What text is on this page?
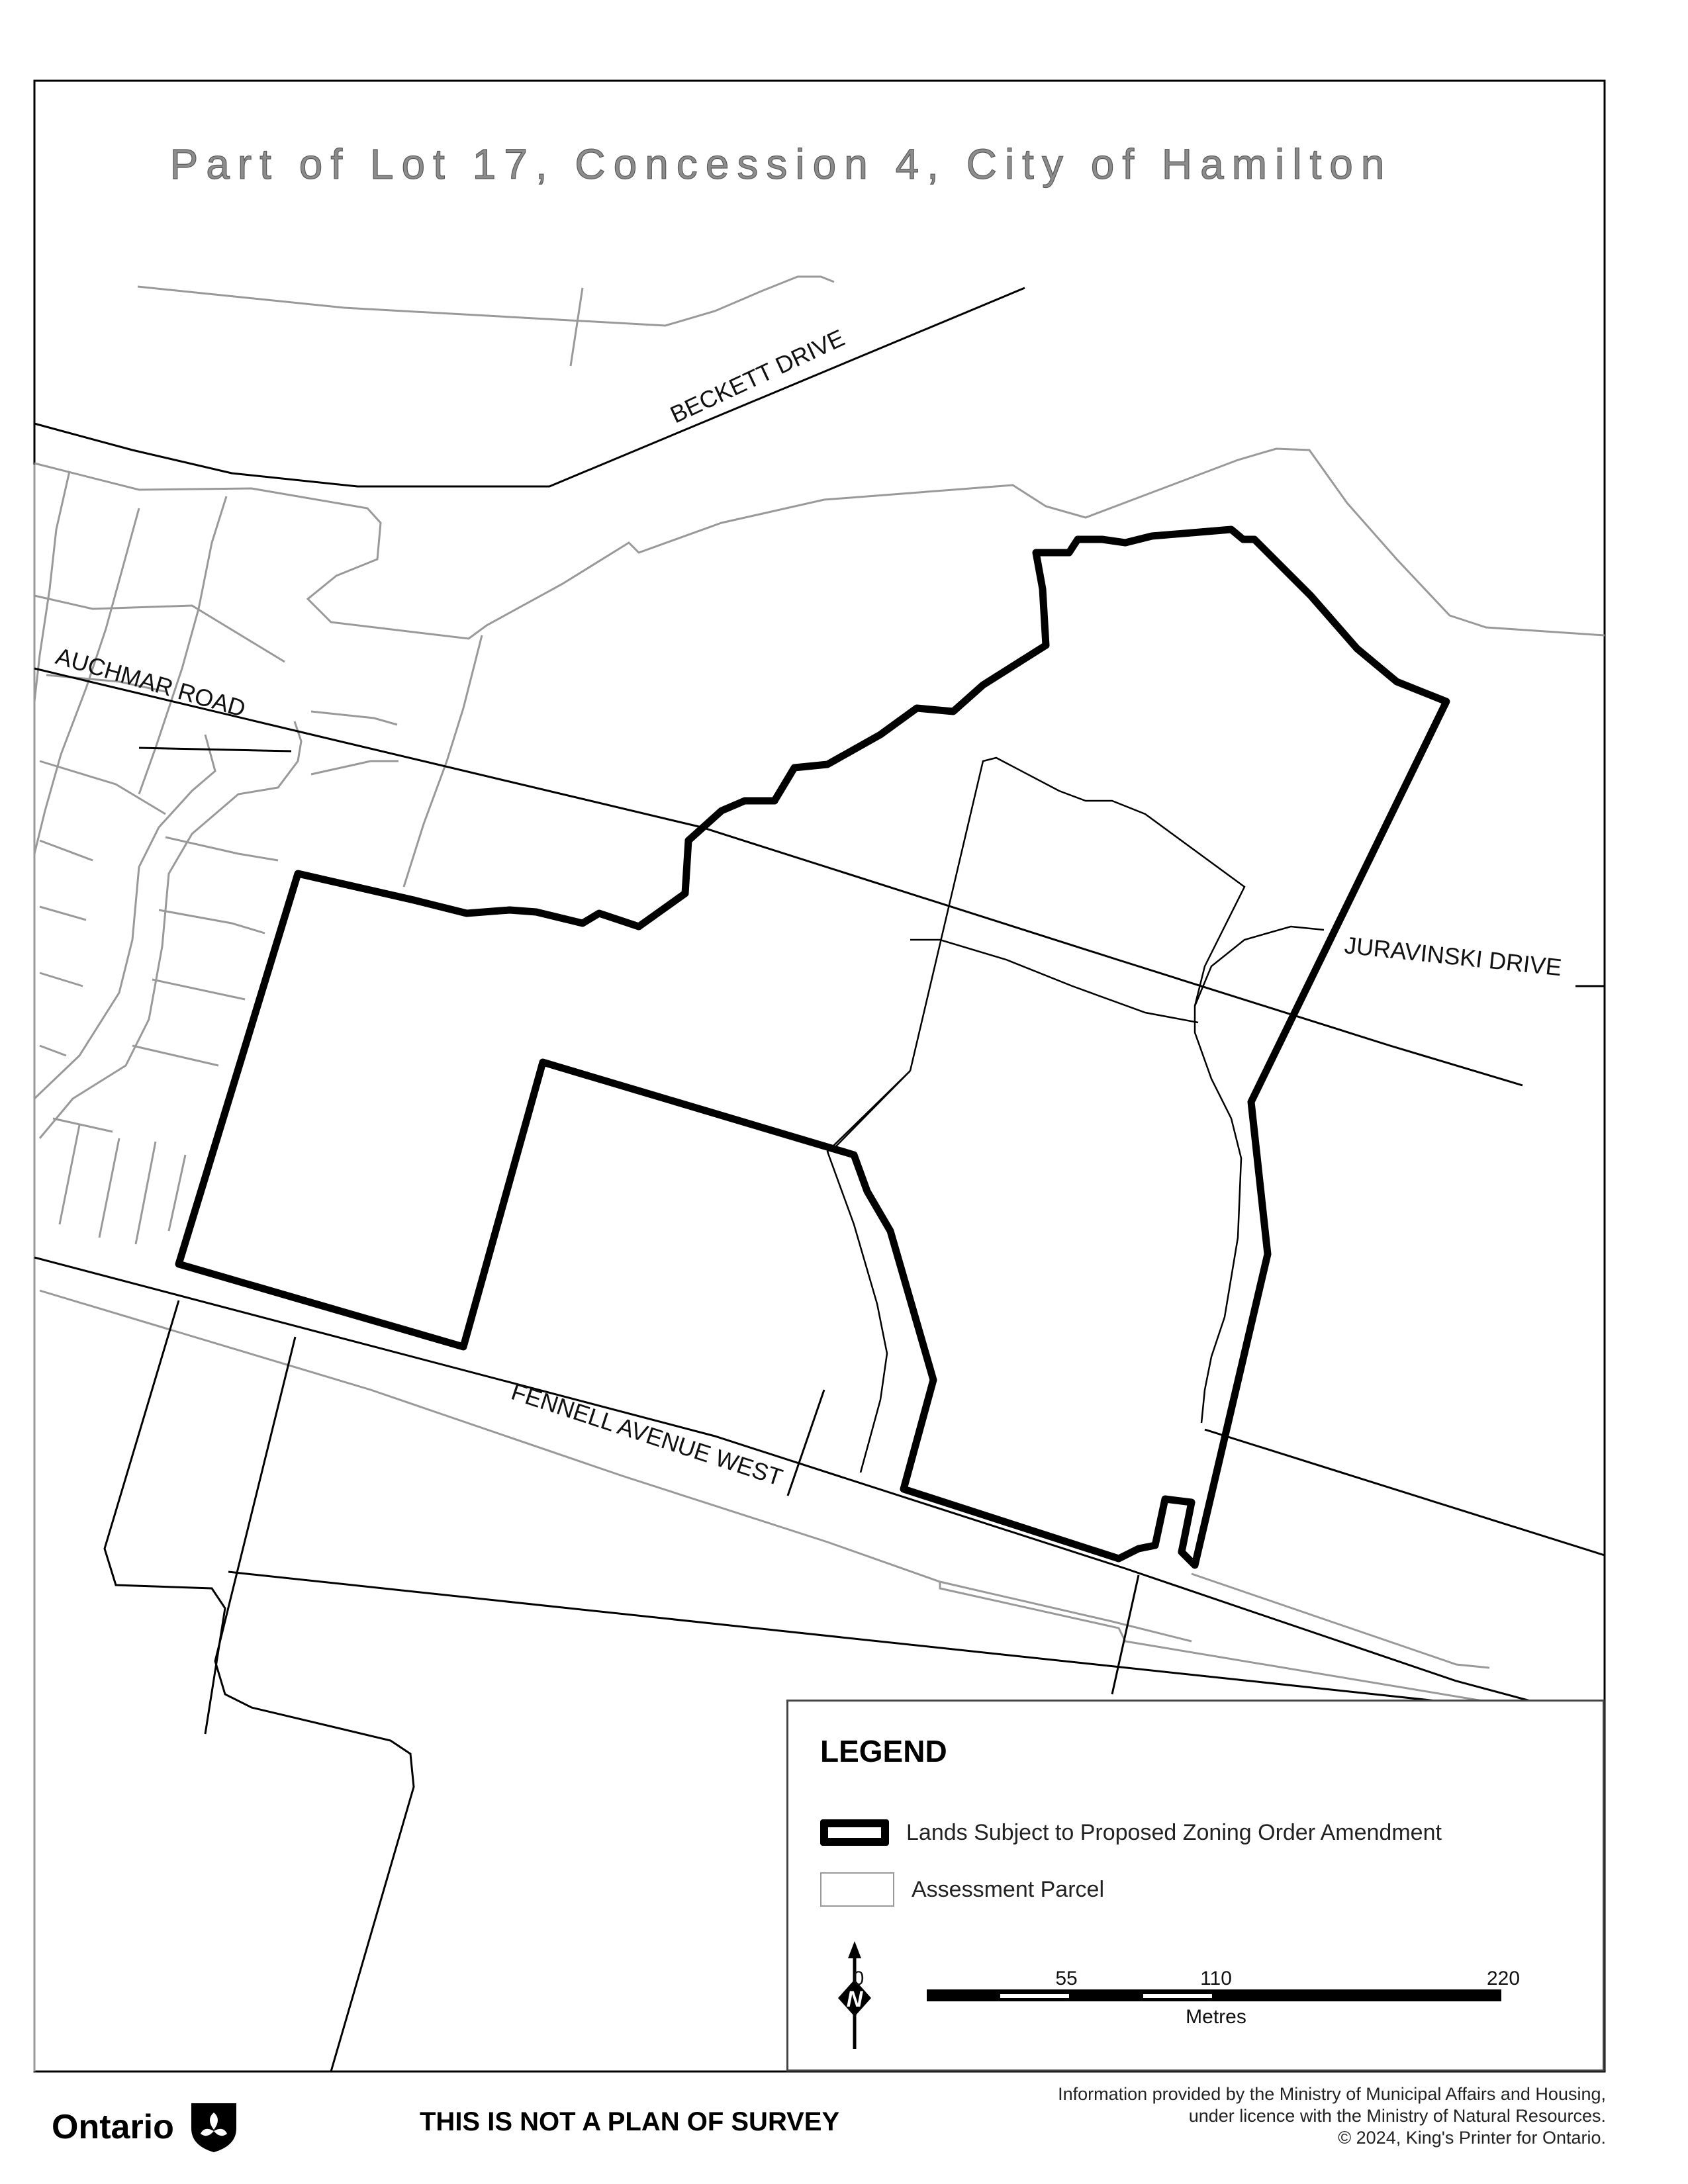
Part of Lot 17, Concession 4, City of Hamilton
BECKETT DRIVE
AUCHMAR ROAD
JURAVINSKI DRIVE
FENNELL AVENUE WEST
LEGEND
Lands Subject to Proposed Zoning Order Amendment
Assessment Parcel
N
0	55	110	220
Metres
Ontario	THIS IS NOT A PLAN OF SURVEY
Information provided by the Ministry of Municipal Affairs and Housing,
under licence with the Ministry of Natural Resources.
© 2024, King's Printer for Ontario.
